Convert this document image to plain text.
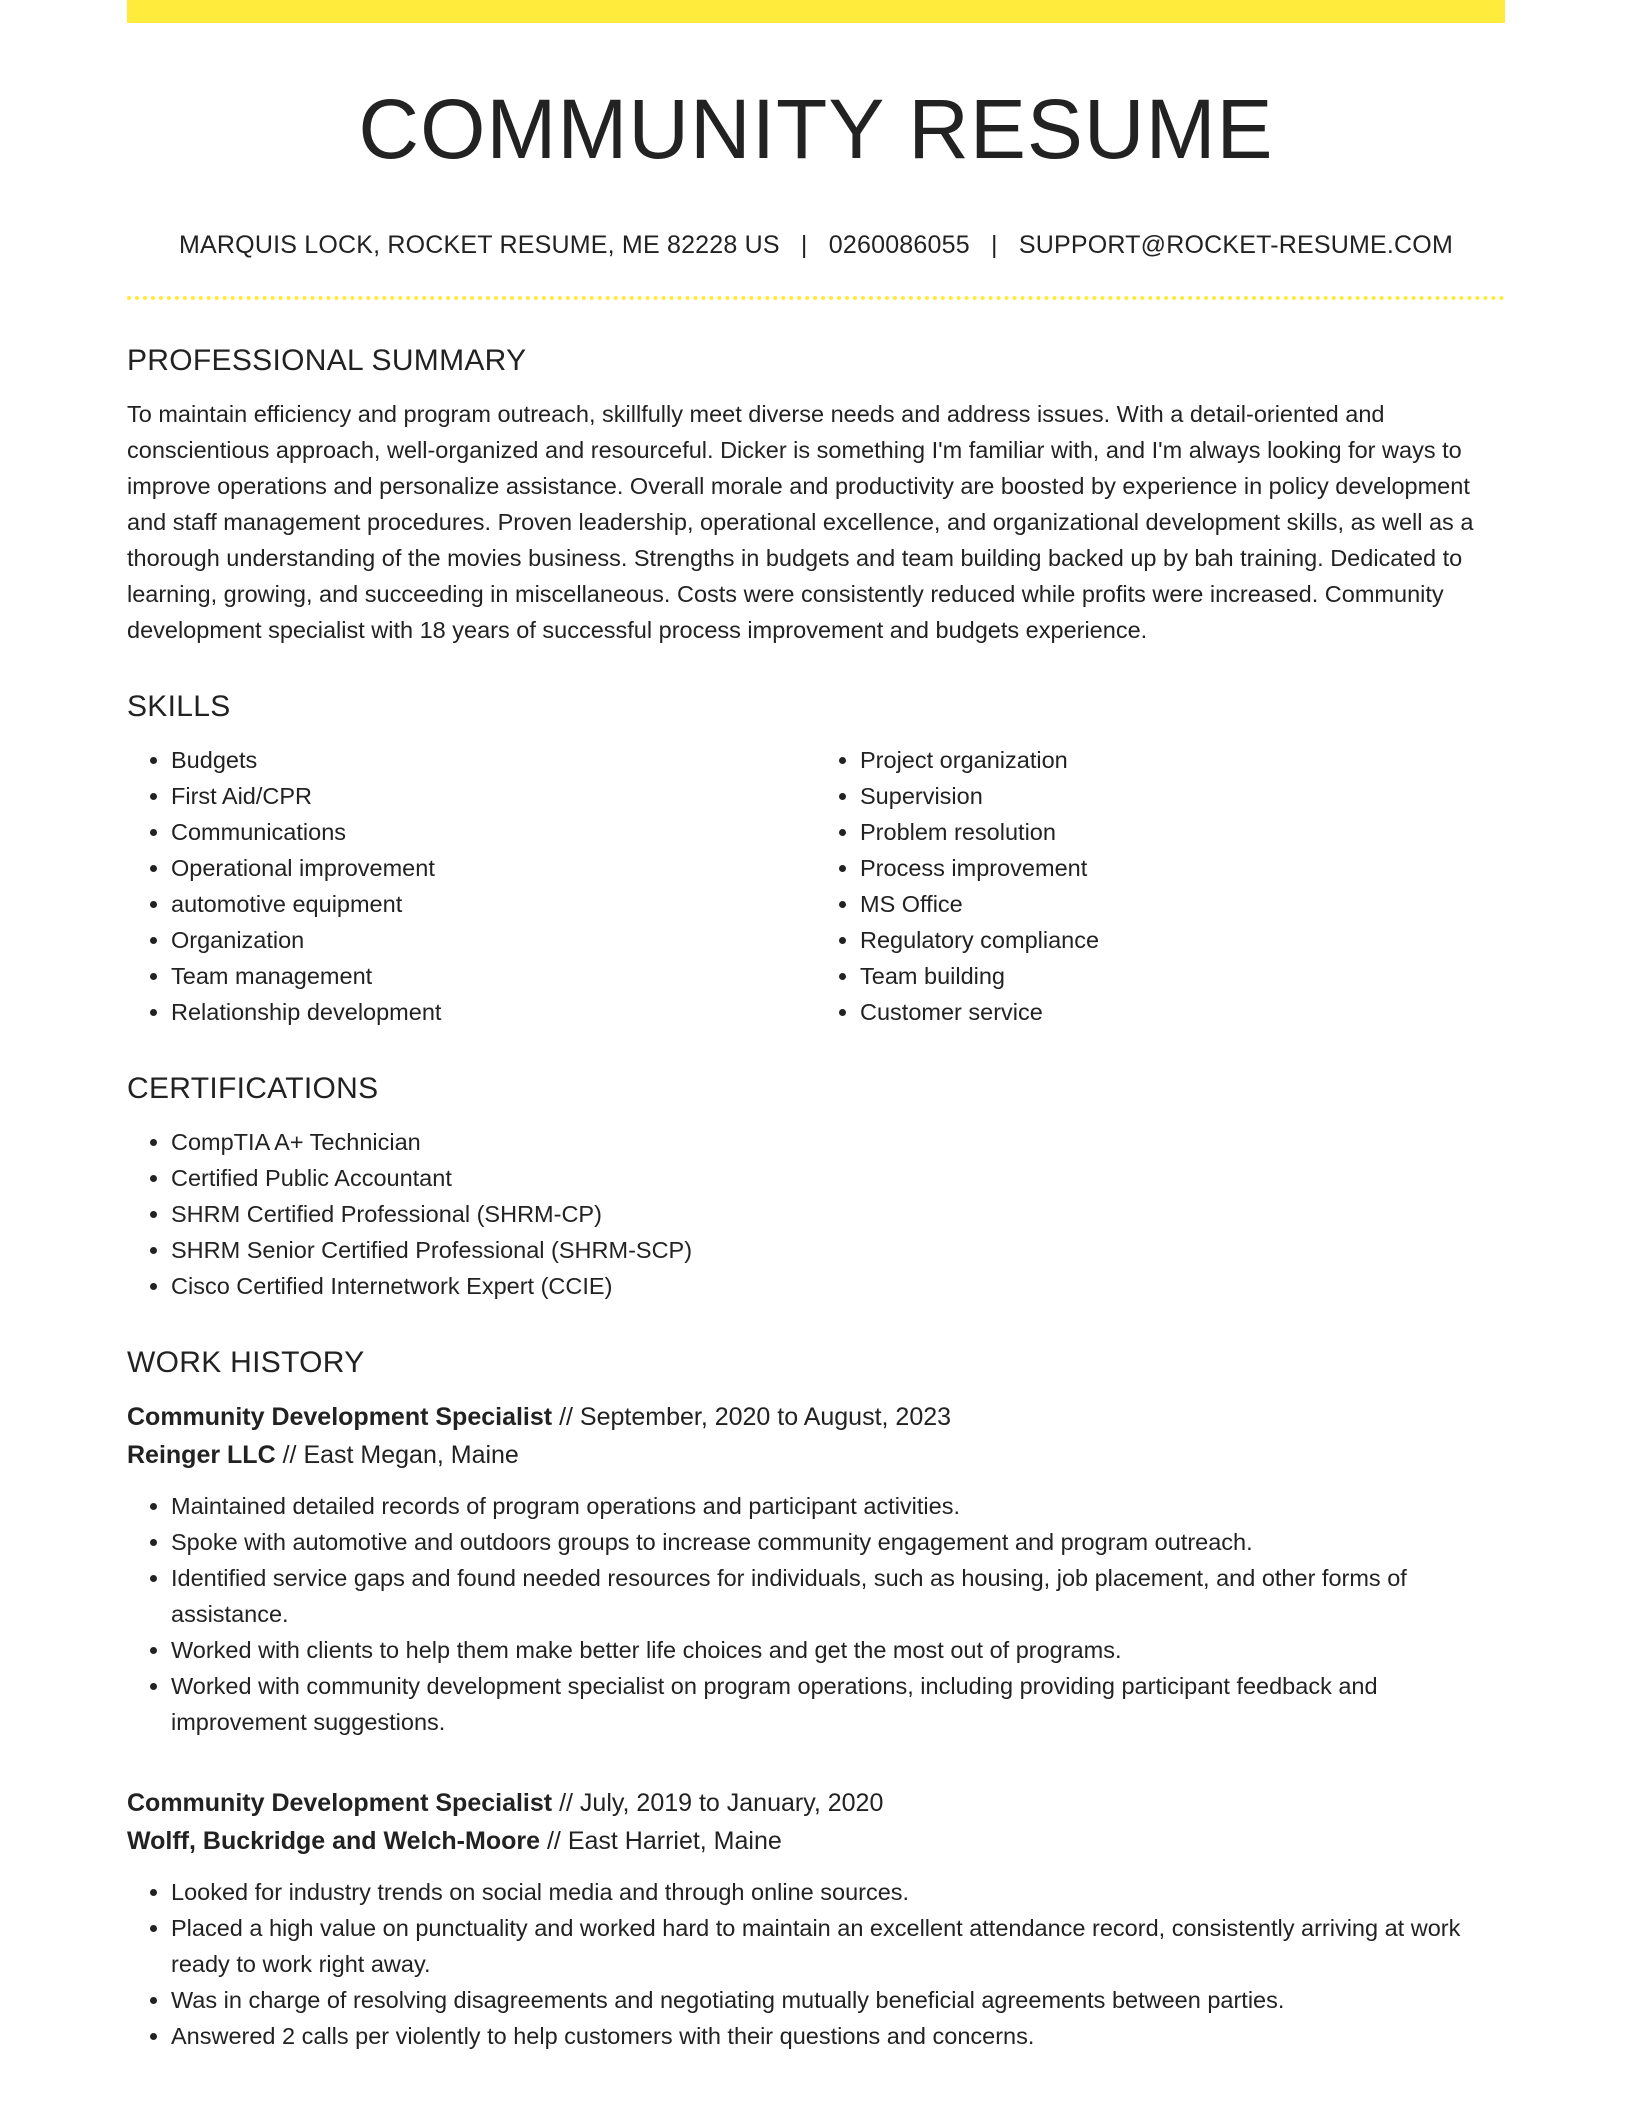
COMMUNITY RESUME
MARQUIS LOCK, ROCKET RESUME, ME 82228 US | 0260086055 | SUPPORT@ROCKET-RESUME.COM
PROFESSIONAL SUMMARY

To maintain efficiency and program outreach, skillfully meet diverse needs and address issues. With a detail-oriented and conscientious approach, well-organized and resourceful. Dicker is something I'm familiar with, and I'm always looking for ways to improve operations and personalize assistance. Overall morale and productivity are boosted by experience in policy development and staff management procedures. Proven leadership, operational excellence, and organizational development skills, as well as a thorough understanding of the movies business. Strengths in budgets and team building backed up by bah training. Dedicated to learning, growing, and succeeding in miscellaneous. Costs were consistently reduced while profits were increased. Community development specialist with 18 years of successful process improvement and budgets experience.

SKILLS
• Budgets
• First Aid/CPR
• Communications
• Operational improvement
• automotive equipment
• Organization
• Team management
• Relationship development
• Project organization
• Supervision
• Problem resolution
• Process improvement
• MS Office
• Regulatory compliance
• Team building
• Customer service
CERTIFICATIONS
• CompTIA A+ Technician
• Certified Public Accountant
• SHRM Certified Professional (SHRM-CP)
• SHRM Senior Certified Professional (SHRM-SCP)
• Cisco Certified Internetwork Expert (CCIE)
WORK HISTORY
Community Development Specialist // September, 2020 to August, 2023
Reinger LLC // East Megan, Maine
• Maintained detailed records of program operations and participant activities.
• Spoke with automotive and outdoors groups to increase community engagement and program outreach.
• Identified service gaps and found needed resources for individuals, such as housing, job placement, and other forms of assistance.
• Worked with clients to help them make better life choices and get the most out of programs.
• Worked with community development specialist on program operations, including providing participant feedback and improvement suggestions.
Community Development Specialist // July, 2019 to January, 2020
Wolff, Buckridge and Welch-Moore // East Harriet, Maine
• Looked for industry trends on social media and through online sources.
• Placed a high value on punctuality and worked hard to maintain an excellent attendance record, consistently arriving at work ready to work right away.
• Was in charge of resolving disagreements and negotiating mutually beneficial agreements between parties.
• Answered 2 calls per violently to help customers with their questions and concerns.
